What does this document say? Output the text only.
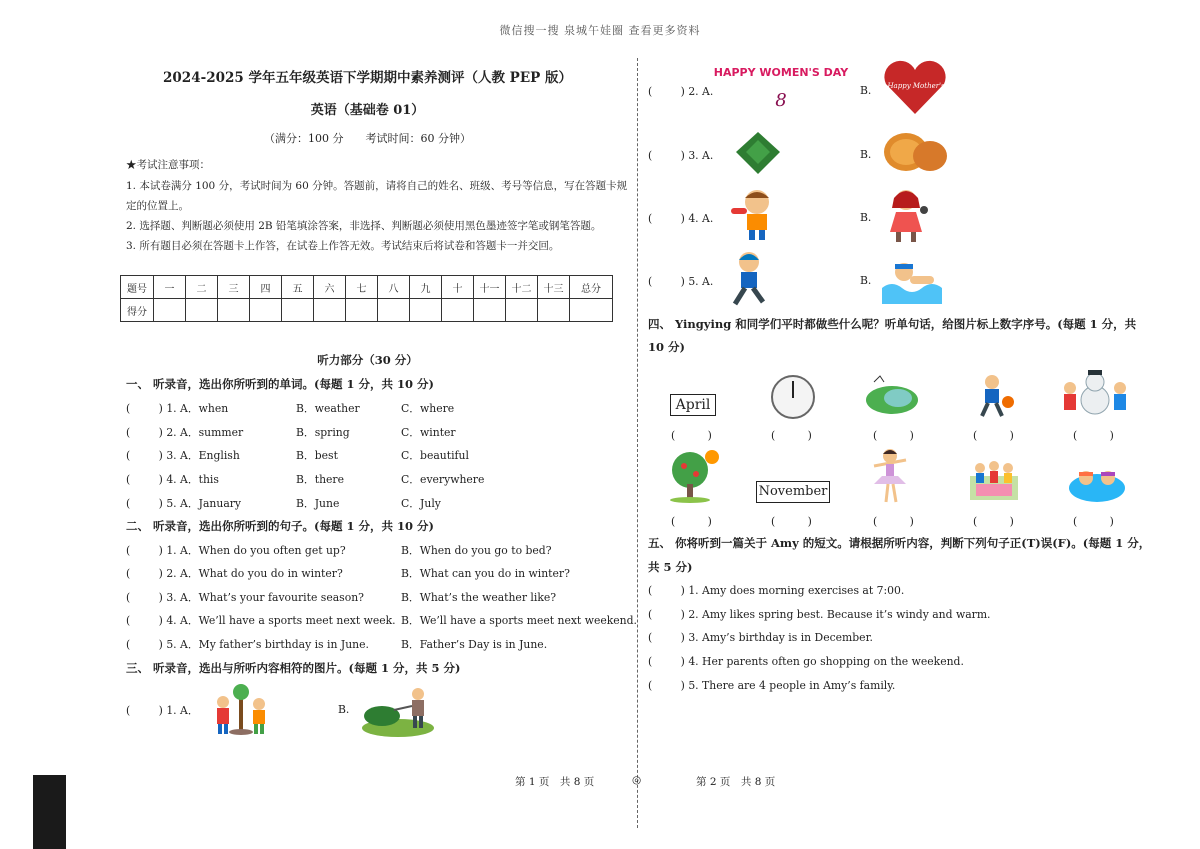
微信搜一搜 泉城午娃圈 查看更多资料
2024-2025 学年五年级英语下学期期中素养测评（人教 PEP 版）
英语（基础卷 01）
（满分：100 分　　考试时间：60 分钟）
★考试注意事项：
1. 本试卷满分 100 分，考试时间为 60 分钟。答题前，请将自己的姓名、班级、考号等信息，写在答题卡规
定的位置上。
2. 选择题、判断题必须使用 2B 铅笔填涂答案，非选择、判断题必须使用黑色墨迹签字笔或钢笔答题。
3. 所有题目必须在答题卡上作答，在试卷上作答无效。考试结束后将试卷和答题卡一并交回。
题号	一	二	三	四	五	六	七	八	九	十	十一	十二	十三	总分
得分														
听力部分（30 分）
一、 听录音，选出你所听到的单词。(每题 1 分，共 10 分)
( 　　 ) 1. A．when	B．weather	C．where
( 　　 ) 2. A．summer	B．spring	C．winter
( 　　 ) 3. A．English	B．best	C．beautiful
( 　　 ) 4. A．this	B．there	C．everywhere
( 　　 ) 5. A．January	B．June	C．July
二、 听录音，选出你所听到的句子。(每题 1 分，共 10 分)
( 　　 ) 1. A．When do you often get up?	B．When do you go to bed?
( 　　 ) 2. A．What do you do in winter?	B．What can you do in winter?
( 　　 ) 3. A．What’s your favourite season?	B．What’s the weather like?
( 　　 ) 4. A．We’ll have a sports meet next week. B．We’ll have a sports meet next weekend.
( 　　 ) 5. A．My father’s birthday is in June.	B．Father’s Day is in June.
三、 听录音，选出与所听内容相符的图片。(每题 1 分，共 5 分)
( 　　 ) 1. A．	B.
( 　　 ) 2. A.
HAPPY WOMEN'S DAY
8	B. Happy Mother's Day
( 　　 ) 3. A.	B.
( 　　 ) 4. A.	B.
( 　　 ) 5. A.	B.
四、 Yingying 和同学们平时都做些什么呢？听单句话，给图片标上数字序号。(每题 1 分，共
10 分)
April
(　　　)	(　　　)	(　　　)	(　　　)	(　　　)
November
(　　　)	(　　　)	(　　　)	(　　　)	(　　　)
五、 你将听到一篇关于 Amy 的短文。请根据所听内容，判断下列句子正(T)误(F)。(每题 1 分，
共 5 分)
( 　　 ) 1. Amy does morning exercises at 7:00.
( 　　 ) 2. Amy likes spring best. Because it’s windy and warm.
( 　　 ) 3. Amy’s birthday is in December.
( 　　 ) 4. Her parents often go shopping on the weekend.
( 　　 ) 5. There are 4 people in Amy’s family.
第 1 页　共 8 页	◎	第 2 页　共 8 页
